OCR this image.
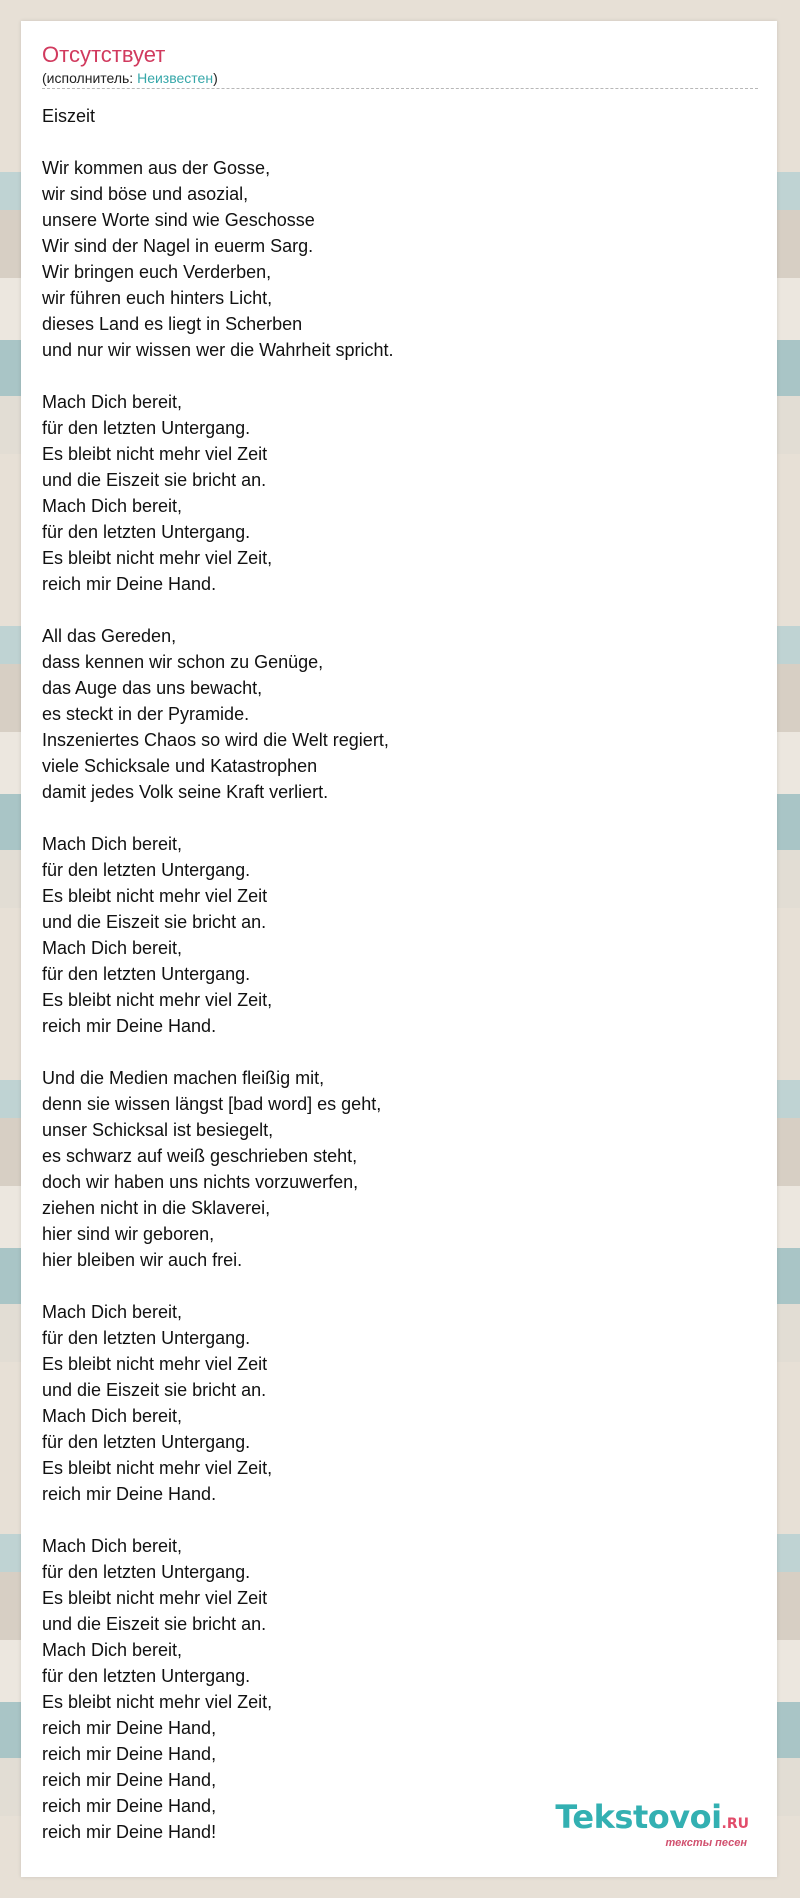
Отсутствует
(исполнитель: Неизвестен)
Eiszeit
Wir kommen aus der Gosse,
wir sind böse und asozial,
unsere Worte sind wie Geschosse
Wir sind der Nagel in euerm Sarg.
Wir bringen euch Verderben,
wir führen euch hinters Licht,
dieses Land es liegt in Scherben
und nur wir wissen wer die Wahrheit spricht.
Mach Dich bereit,
für den letzten Untergang.
Es bleibt nicht mehr viel Zeit
und die Eiszeit sie bricht an.
Mach Dich bereit,
für den letzten Untergang.
Es bleibt nicht mehr viel Zeit,
reich mir Deine Hand.
All das Gereden,
dass kennen wir schon zu Genüge,
das Auge das uns bewacht,
es steckt in der Pyramide.
Inszeniertes Chaos so wird die Welt regiert,
viele Schicksale und Katastrophen
damit jedes Volk seine Kraft verliert.
Mach Dich bereit,
für den letzten Untergang.
Es bleibt nicht mehr viel Zeit
und die Eiszeit sie bricht an.
Mach Dich bereit,
für den letzten Untergang.
Es bleibt nicht mehr viel Zeit,
reich mir Deine Hand.
Und die Medien machen fleißig mit,
denn sie wissen längst [bad word] es geht,
unser Schicksal ist besiegelt,
es schwarz auf weiß geschrieben steht,
doch wir haben uns nichts vorzuwerfen,
ziehen nicht in die Sklaverei,
hier sind wir geboren,
hier bleiben wir auch frei.
Mach Dich bereit,
für den letzten Untergang.
Es bleibt nicht mehr viel Zeit
und die Eiszeit sie bricht an.
Mach Dich bereit,
für den letzten Untergang.
Es bleibt nicht mehr viel Zeit,
reich mir Deine Hand.
Mach Dich bereit,
für den letzten Untergang.
Es bleibt nicht mehr viel Zeit
und die Eiszeit sie bricht an.
Mach Dich bereit,
für den letzten Untergang.
Es bleibt nicht mehr viel Zeit,
reich mir Deine Hand,
reich mir Deine Hand,
reich mir Deine Hand,
reich mir Deine Hand,
reich mir Deine Hand!	Tekstovoi.RU
тексты песен
